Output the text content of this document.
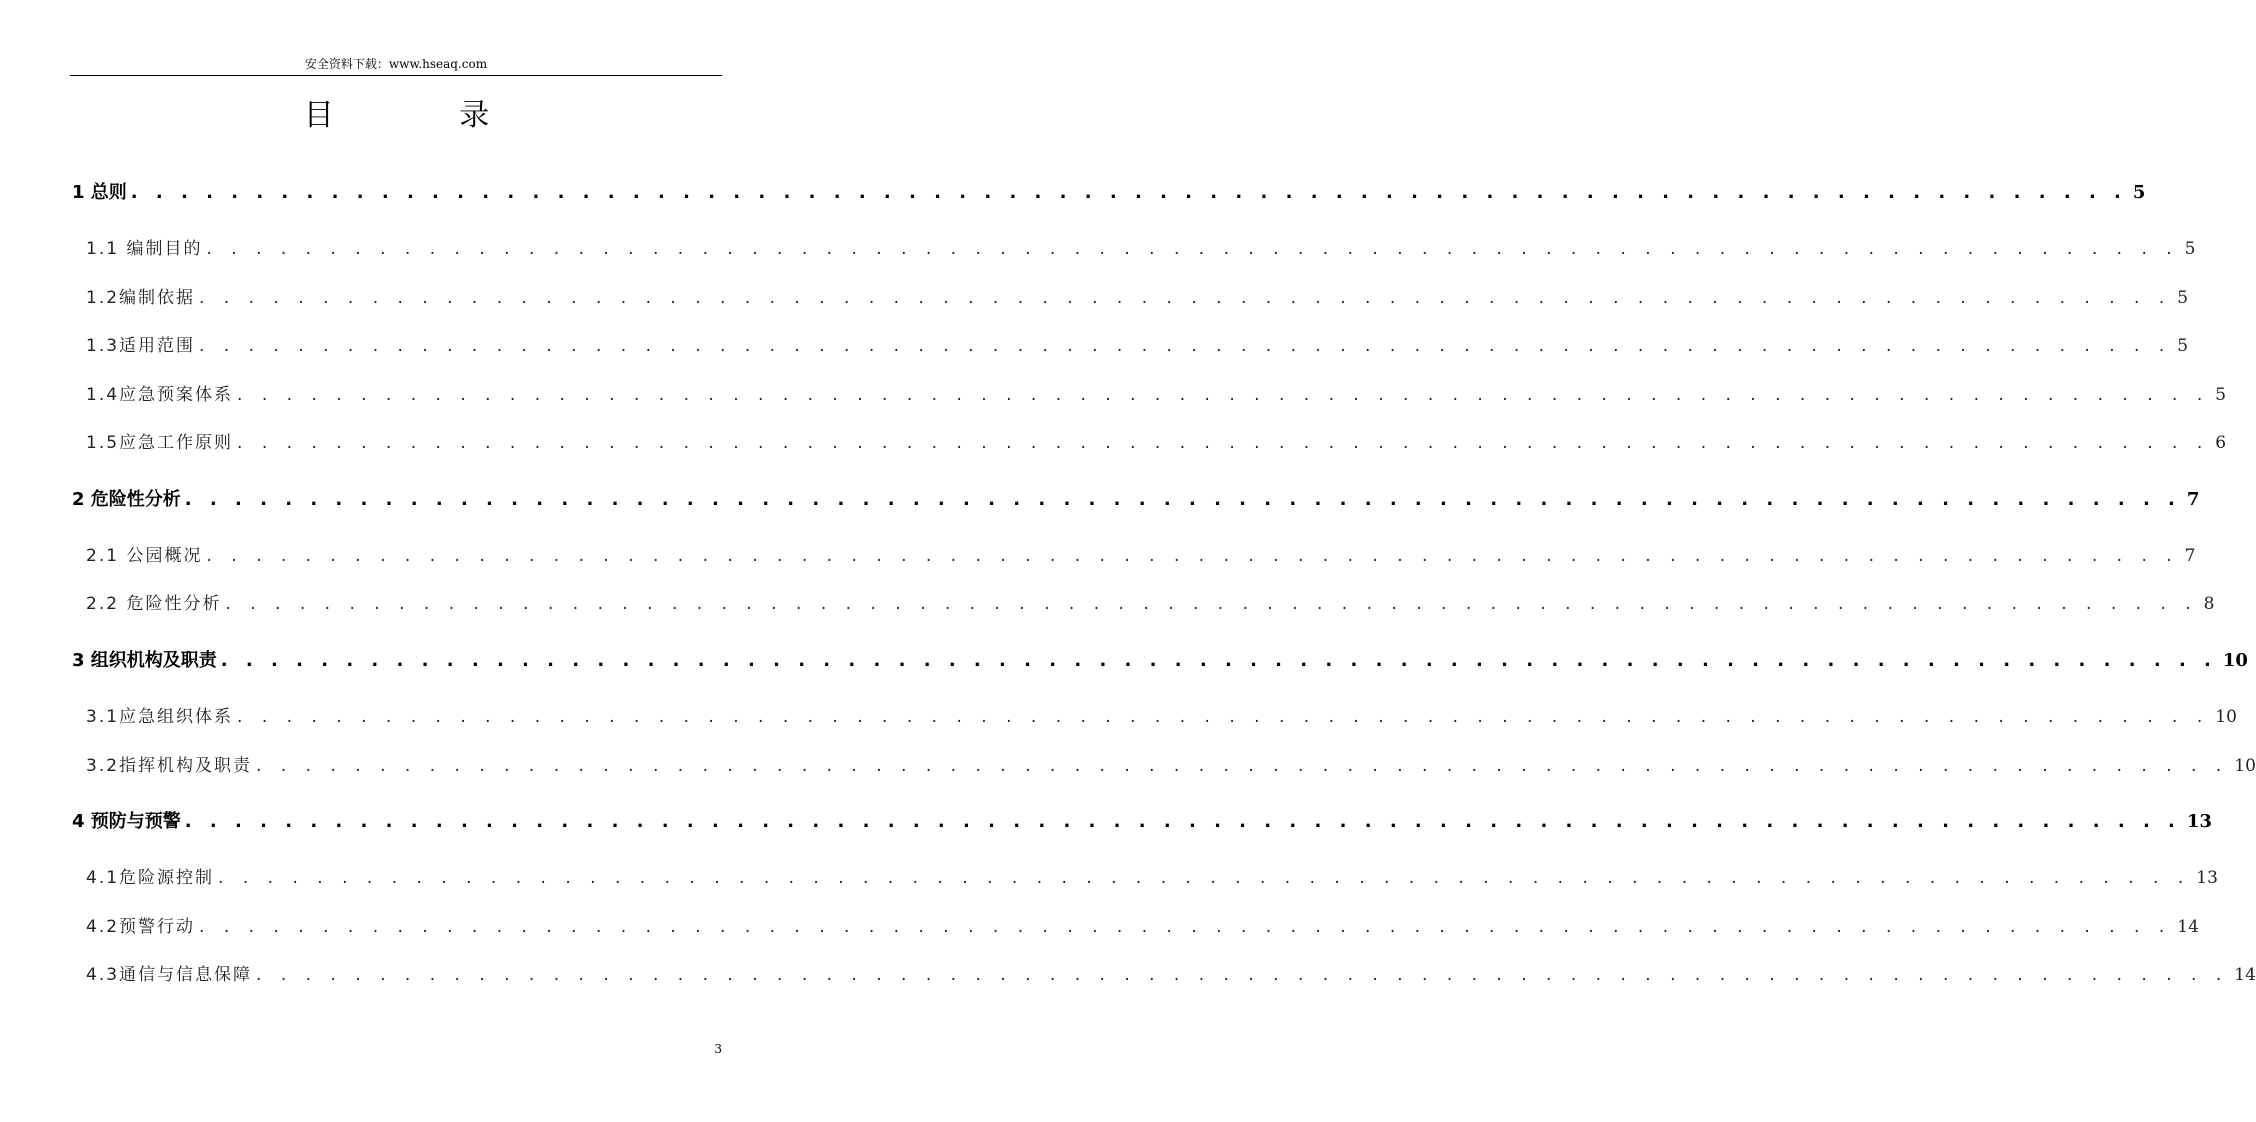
安全资料下载：www.hseaq.com
目 录
1 总则 . . . . . . . . . . . . . . . . . . . . . . . . . . . . . . . . . . . . . . . . . . . . . . . . . . . . . . . . . . . . . . . . . . . . . . . . . . . . . . . . 5
1.1 编制目的 . . . . . . . . . . . . . . . . . . . . . . . . . . . . . . . . . . . . . . . . . . . . . . . . . . . . . . . . . . . . . . . . . . . . . . . . . . . . . . . . 5
1.2编制依据 . . . . . . . . . . . . . . . . . . . . . . . . . . . . . . . . . . . . . . . . . . . . . . . . . . . . . . . . . . . . . . . . . . . . . . . . . . . . . . . . 5
1.3适用范围 . . . . . . . . . . . . . . . . . . . . . . . . . . . . . . . . . . . . . . . . . . . . . . . . . . . . . . . . . . . . . . . . . . . . . . . . . . . . . . . . 5
1.4应急预案体系 . . . . . . . . . . . . . . . . . . . . . . . . . . . . . . . . . . . . . . . . . . . . . . . . . . . . . . . . . . . . . . . . . . . . . . . . . . . . . . . . 5
1.5应急工作原则 . . . . . . . . . . . . . . . . . . . . . . . . . . . . . . . . . . . . . . . . . . . . . . . . . . . . . . . . . . . . . . . . . . . . . . . . . . . . . . . . 6
2 危险性分析 . . . . . . . . . . . . . . . . . . . . . . . . . . . . . . . . . . . . . . . . . . . . . . . . . . . . . . . . . . . . . . . . . . . . . . . . . . . . . . . . 7
2.1 公园概况 . . . . . . . . . . . . . . . . . . . . . . . . . . . . . . . . . . . . . . . . . . . . . . . . . . . . . . . . . . . . . . . . . . . . . . . . . . . . . . . . 7
2.2 危险性分析 . . . . . . . . . . . . . . . . . . . . . . . . . . . . . . . . . . . . . . . . . . . . . . . . . . . . . . . . . . . . . . . . . . . . . . . . . . . . . . . . 8
3 组织机构及职责 . . . . . . . . . . . . . . . . . . . . . . . . . . . . . . . . . . . . . . . . . . . . . . . . . . . . . . . . . . . . . . . . . . . . . . . . . . . . . . . . 10
3.1应急组织体系 . . . . . . . . . . . . . . . . . . . . . . . . . . . . . . . . . . . . . . . . . . . . . . . . . . . . . . . . . . . . . . . . . . . . . . . . . . . . . . . . 10
3.2指挥机构及职责 . . . . . . . . . . . . . . . . . . . . . . . . . . . . . . . . . . . . . . . . . . . . . . . . . . . . . . . . . . . . . . . . . . . . . . . . . . . . . . . . 10
4 预防与预警 . . . . . . . . . . . . . . . . . . . . . . . . . . . . . . . . . . . . . . . . . . . . . . . . . . . . . . . . . . . . . . . . . . . . . . . . . . . . . . . . 13
4.1危险源控制 . . . . . . . . . . . . . . . . . . . . . . . . . . . . . . . . . . . . . . . . . . . . . . . . . . . . . . . . . . . . . . . . . . . . . . . . . . . . . . . . 13
4.2预警行动 . . . . . . . . . . . . . . . . . . . . . . . . . . . . . . . . . . . . . . . . . . . . . . . . . . . . . . . . . . . . . . . . . . . . . . . . . . . . . . . . 14
4.3通信与信息保障 . . . . . . . . . . . . . . . . . . . . . . . . . . . . . . . . . . . . . . . . . . . . . . . . . . . . . . . . . . . . . . . . . . . . . . . . . . . . . . . . 14
3
